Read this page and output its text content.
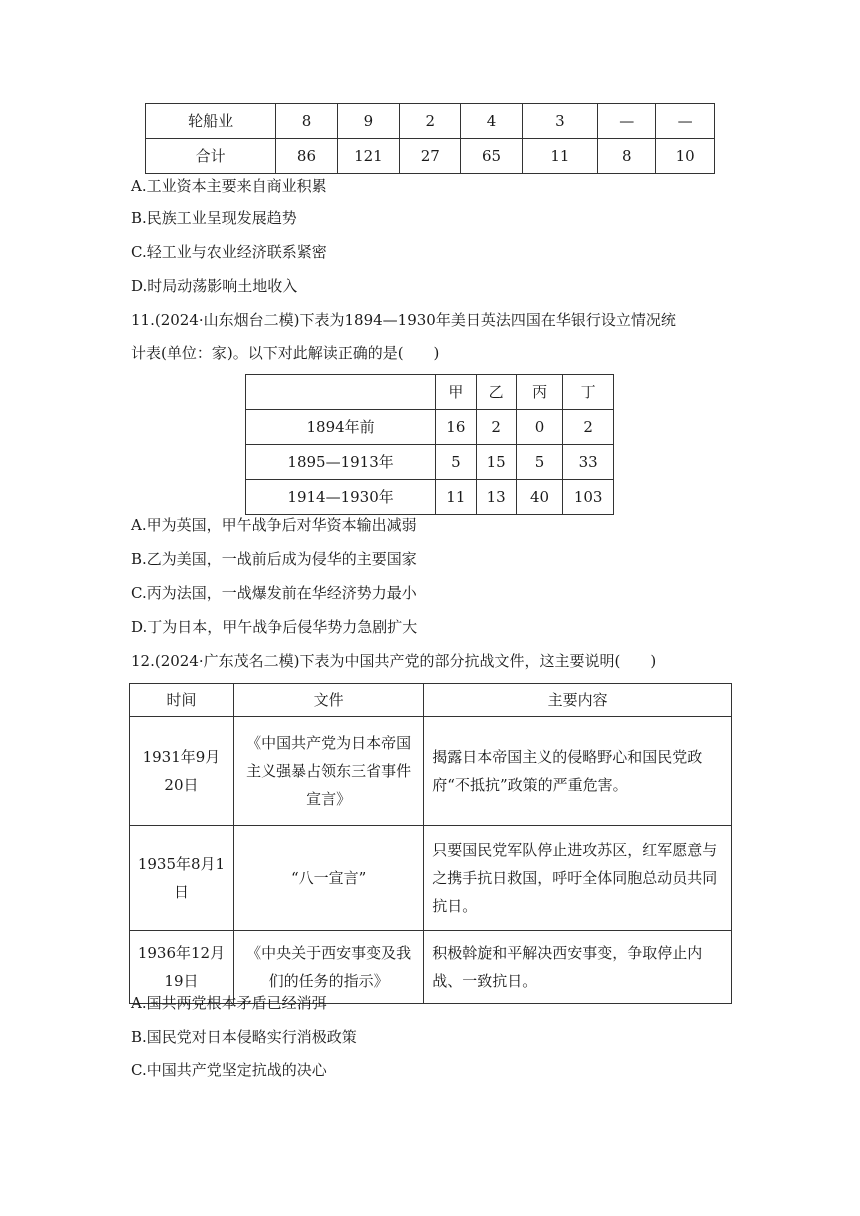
轮船业	8	9	2	4	3	—	—
合计	86	121	27	65	11	8	10
A.工业资本主要来自商业积累
B.民族工业呈现发展趋势
C.轻工业与农业经济联系紧密
D.时局动荡影响土地收入
11.(2024·山东烟台二模)下表为1894—1930年美日英法四国在华银行设立情况统
计表(单位：家)。以下对此解读正确的是(　　)
	甲	乙	丙	丁
1894年前	16	2	0	2
1895—1913年	5	15	5	33
1914—1930年	11	13	40	103
A.甲为英国，甲午战争后对华资本输出减弱
B.乙为美国，一战前后成为侵华的主要国家
C.丙为法国，一战爆发前在华经济势力最小
D.丁为日本，甲午战争后侵华势力急剧扩大
12.(2024·广东茂名二模)下表为中国共产党的部分抗战文件，这主要说明(　　)
时间	文件	主要内容
1931年9月20日	《中国共产党为日本帝国主义强暴占领东三省事件宣言》	揭露日本帝国主义的侵略野心和国民党政府“不抵抗”政策的严重危害。
1935年8月1日	“八一宣言”	只要国民党军队停止进攻苏区，红军愿意与之携手抗日救国，呼吁全体同胞总动员共同抗日。
1936年12月19日	《中央关于西安事变及我们的任务的指示》	积极斡旋和平解决西安事变，争取停止内战、一致抗日。
A.国共两党根本矛盾已经消弭
B.国民党对日本侵略实行消极政策
C.中国共产党坚定抗战的决心
